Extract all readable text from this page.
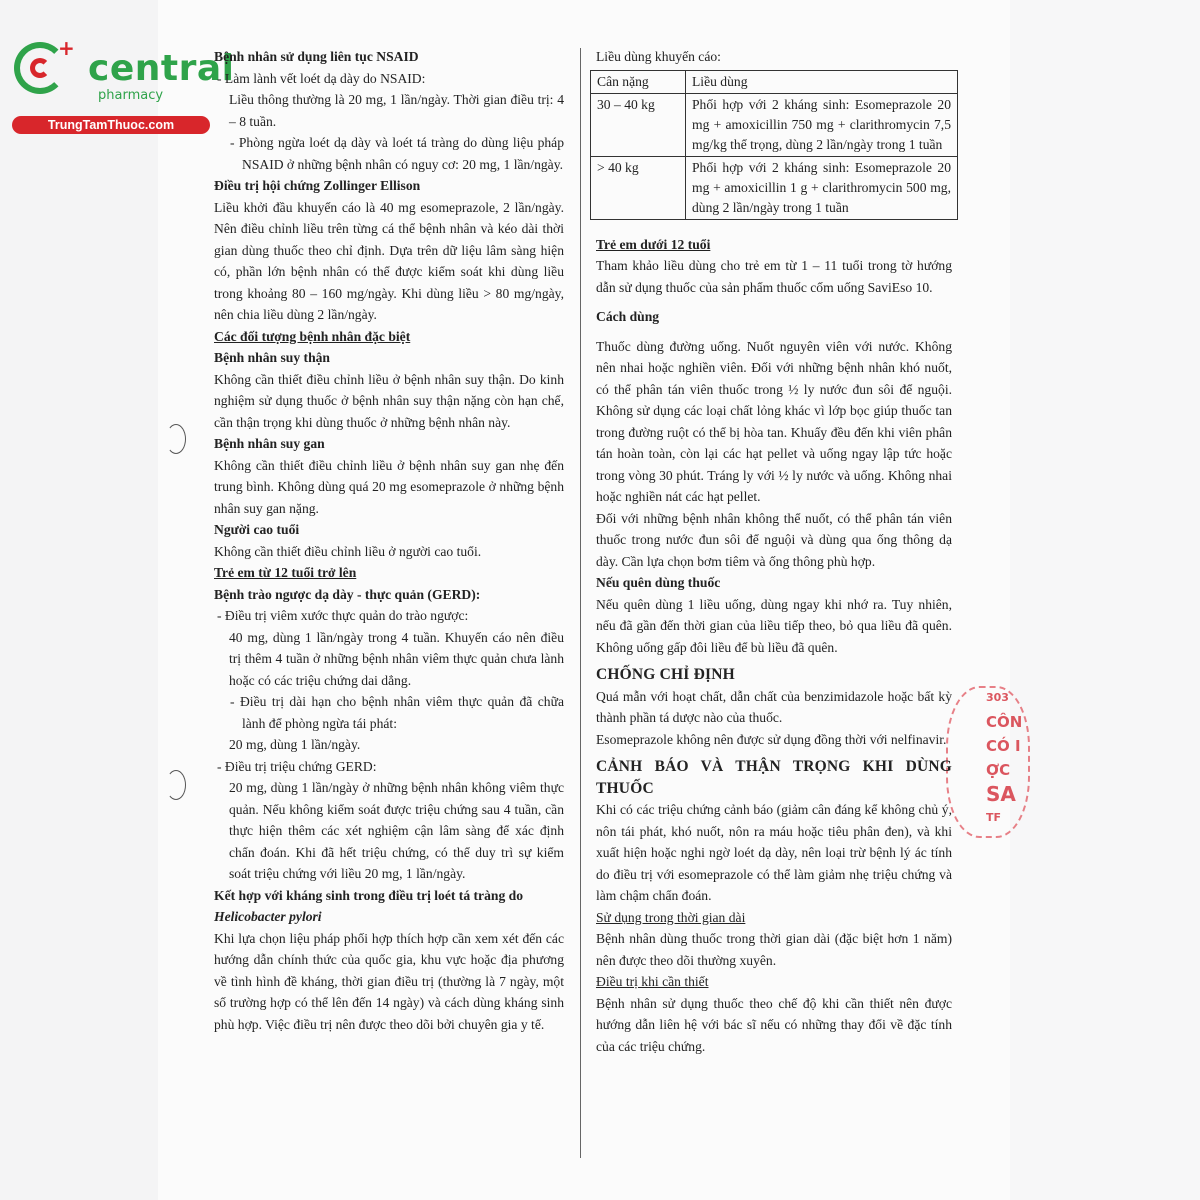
+ central
pharmacy
TrungTamThuoc.com
303
CÔN
CÓ I
ỢC
SA
TF

Bệnh nhân sử dụng liên tục NSAID

- Làm lành vết loét dạ dày do NSAID:

Liều thông thường là 20 mg, 1 lần/ngày. Thời gian điều trị: 4 – 8 tuần.

- Phòng ngừa loét dạ dày và loét tá tràng do dùng liệu pháp NSAID ở những bệnh nhân có nguy cơ: 20 mg, 1 lần/ngày.

Điều trị hội chứng Zollinger Ellison

Liều khởi đầu khuyến cáo là 40 mg esomeprazole, 2 lần/ngày. Nên điều chỉnh liều trên từng cá thể bệnh nhân và kéo dài thời gian dùng thuốc theo chỉ định. Dựa trên dữ liệu lâm sàng hiện có, phần lớn bệnh nhân có thể được kiểm soát khi dùng liều trong khoảng 80 – 160 mg/ngày. Khi dùng liều > 80 mg/ngày, nên chia liều dùng 2 lần/ngày.

Các đối tượng bệnh nhân đặc biệt

Bệnh nhân suy thận

Không cần thiết điều chỉnh liều ở bệnh nhân suy thận. Do kinh nghiệm sử dụng thuốc ở bệnh nhân suy thận nặng còn hạn chế, cần thận trọng khi dùng thuốc ở những bệnh nhân này.

Bệnh nhân suy gan

Không cần thiết điều chỉnh liều ở bệnh nhân suy gan nhẹ đến trung bình. Không dùng quá 20 mg esomeprazole ở những bệnh nhân suy gan nặng.

Người cao tuổi

Không cần thiết điều chỉnh liều ở người cao tuổi.

Trẻ em từ 12 tuổi trở lên

Bệnh trào ngược dạ dày - thực quản (GERD):

- Điều trị viêm xước thực quản do trào ngược:

40 mg, dùng 1 lần/ngày trong 4 tuần. Khuyến cáo nên điều trị thêm 4 tuần ở những bệnh nhân viêm thực quản chưa lành hoặc có các triệu chứng dai dẳng.

- Điều trị dài hạn cho bệnh nhân viêm thực quản đã chữa lành để phòng ngừa tái phát:

20 mg, dùng 1 lần/ngày.

- Điều trị triệu chứng GERD:

20 mg, dùng 1 lần/ngày ở những bệnh nhân không viêm thực quản. Nếu không kiểm soát được triệu chứng sau 4 tuần, cần thực hiện thêm các xét nghiệm cận lâm sàng để xác định chẩn đoán. Khi đã hết triệu chứng, có thể duy trì sự kiểm soát triệu chứng với liều 20 mg, 1 lần/ngày.

Kết hợp với kháng sinh trong điều trị loét tá tràng do

Helicobacter pylori

Khi lựa chọn liệu pháp phối hợp thích hợp cần xem xét đến các hướng dẫn chính thức của quốc gia, khu vực hoặc địa phương về tình hình đề kháng, thời gian điều trị (thường là 7 ngày, một số trường hợp có thể lên đến 14 ngày) và cách dùng kháng sinh phù hợp. Việc điều trị nên được theo dõi bởi chuyên gia y tế.

Liều dùng khuyến cáo:

Cân nặng	Liều dùng
30 – 40 kg	Phối hợp với 2 kháng sinh: Esomeprazole 20 mg + amoxicillin 750 mg + clarithromycin 7,5 mg/kg thể trọng, dùng 2 lần/ngày trong 1 tuần
> 40 kg	Phối hợp với 2 kháng sinh: Esomeprazole 20 mg + amoxicillin 1 g + clarithromycin 500 mg, dùng 2 lần/ngày trong 1 tuần

Trẻ em dưới 12 tuổi

Tham khảo liều dùng cho trẻ em từ 1 – 11 tuổi trong tờ hướng dẫn sử dụng thuốc của sản phẩm thuốc cốm uống SaviEso 10.

Cách dùng

Thuốc dùng đường uống. Nuốt nguyên viên với nước. Không nên nhai hoặc nghiền viên. Đối với những bệnh nhân khó nuốt, có thể phân tán viên thuốc trong ½ ly nước đun sôi để nguội. Không sử dụng các loại chất lỏng khác vì lớp bọc giúp thuốc tan trong đường ruột có thể bị hòa tan. Khuấy đều đến khi viên phân tán hoàn toàn, còn lại các hạt pellet và uống ngay lập tức hoặc trong vòng 30 phút. Tráng ly với ½ ly nước và uống. Không nhai hoặc nghiền nát các hạt pellet.

Đối với những bệnh nhân không thể nuốt, có thể phân tán viên thuốc trong nước đun sôi để nguội và dùng qua ống thông dạ dày. Cần lựa chọn bơm tiêm và ống thông phù hợp.

Nếu quên dùng thuốc

Nếu quên dùng 1 liều uống, dùng ngay khi nhớ ra. Tuy nhiên, nếu đã gần đến thời gian của liều tiếp theo, bỏ qua liều đã quên. Không uống gấp đôi liều để bù liều đã quên.

CHỐNG CHỈ ĐỊNH

Quá mẫn với hoạt chất, dẫn chất của benzimidazole hoặc bất kỳ thành phần tá dược nào của thuốc.

Esomeprazole không nên được sử dụng đồng thời với nelfinavir.

CẢNH BÁO VÀ THẬN TRỌNG KHI DÙNG THUỐC

Khi có các triệu chứng cảnh báo (giảm cân đáng kể không chủ ý, nôn tái phát, khó nuốt, nôn ra máu hoặc tiêu phân đen), và khi xuất hiện hoặc nghi ngờ loét dạ dày, nên loại trừ bệnh lý ác tính do điều trị với esomeprazole có thể làm giảm nhẹ triệu chứng và làm chậm chẩn đoán.

Sử dụng trong thời gian dài

Bệnh nhân dùng thuốc trong thời gian dài (đặc biệt hơn 1 năm) nên được theo dõi thường xuyên.

Điều trị khi cần thiết

Bệnh nhân sử dụng thuốc theo chế độ khi cần thiết nên được hướng dẫn liên hệ với bác sĩ nếu có những thay đổi về đặc tính của các triệu chứng.
